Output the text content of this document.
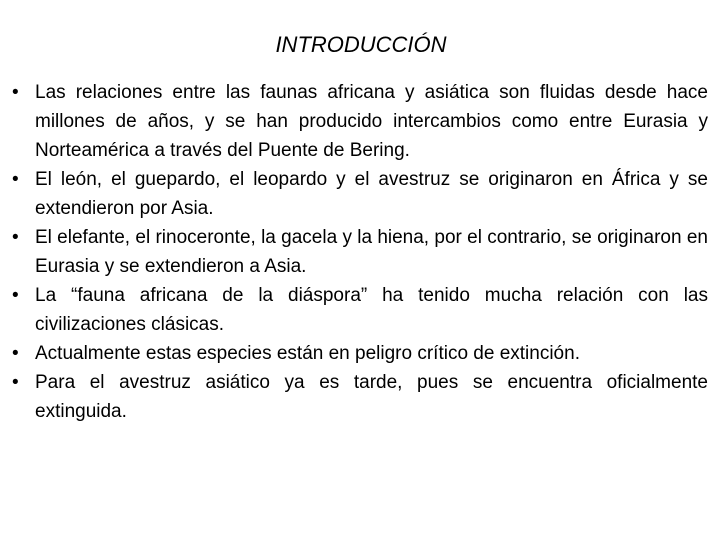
INTRODUCCIÓN
• Las relaciones entre las faunas africana y asiática son fluidas desde hace millones de años, y se han producido intercambios como entre Eurasia y Norteamérica a través del Puente de Bering.
• El león, el guepardo, el leopardo y el avestruz se originaron en África y se extendieron por Asia.
• El elefante, el rinoceronte, la gacela y la hiena, por el contrario, se originaron en Eurasia y se extendieron a Asia.
• La “fauna africana de la diáspora” ha tenido mucha relación con las civilizaciones clásicas.
• Actualmente estas especies están en peligro crítico de extinción.
• Para el avestruz asiático ya es tarde, pues se encuentra oficialmente extinguida.
